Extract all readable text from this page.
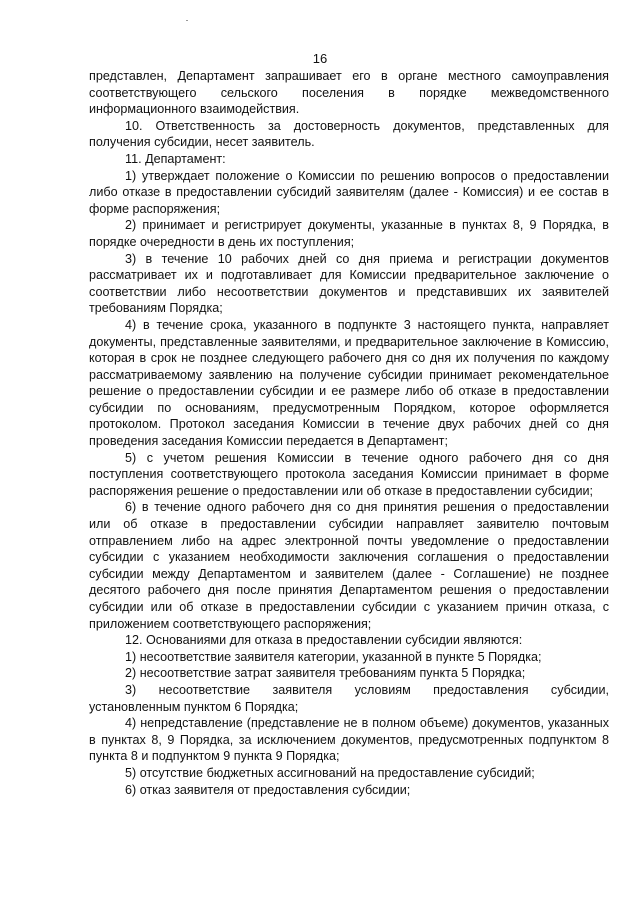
16

представлен, Департамент запрашивает его в органе местного самоуправления соответствующего сельского поселения в порядке межведомственного информационного взаимодействия.

10. Ответственность за достоверность документов, представленных для получения субсидии, несет заявитель.

11. Департамент:

1) утверждает положение о Комиссии по решению вопросов о предоставлении либо отказе в предоставлении субсидий заявителям (далее - Комиссия) и ее состав в форме распоряжения;

2) принимает и регистрирует документы, указанные в пунктах 8, 9 Порядка, в порядке очередности в день их поступления;

3) в течение 10 рабочих дней со дня приема и регистрации документов рассматривает их и подготавливает для Комиссии предварительное заключение о соответствии либо несоответствии документов и представивших их заявителей требованиям Порядка;

4) в течение срока, указанного в подпункте 3 настоящего пункта, направляет документы, представленные заявителями, и предварительное заключение в Комиссию, которая в срок не позднее следующего рабочего дня со дня их получения по каждому рассматриваемому заявлению на получение субсидии принимает рекомендательное решение о предоставлении субсидии и ее размере либо об отказе в предоставлении субсидии по основаниям, предусмотренным Порядком, которое оформляется протоколом. Протокол заседания Комиссии в течение двух рабочих дней со дня проведения заседания Комиссии передается в Департамент;

5) с учетом решения Комиссии в течение одного рабочего дня со дня поступления соответствующего протокола заседания Комиссии принимает в форме распоряжения решение о предоставлении или об отказе в предоставлении субсидии;

6) в течение одного рабочего дня со дня принятия решения о предоставлении или об отказе в предоставлении субсидии направляет заявителю почтовым отправлением либо на адрес электронной почты уведомление о предоставлении субсидии с указанием необходимости заключения соглашения о предоставлении субсидии между Департаментом и заявителем (далее - Соглашение) не позднее десятого рабочего дня после принятия Департаментом решения о предоставлении субсидии или об отказе в предоставлении субсидии с указанием причин отказа, с приложением соответствующего распоряжения;

12. Основаниями для отказа в предоставлении субсидии являются:

1) несоответствие заявителя категории, указанной в пункте 5 Порядка;

2) несоответствие затрат заявителя требованиям пункта 5 Порядка;

3) несоответствие заявителя условиям предоставления субсидии, установленным пунктом 6 Порядка;

4) непредставление (представление не в полном объеме) документов, указанных в пунктах 8, 9 Порядка, за исключением документов, предусмотренных подпунктом 8 пункта 8 и подпунктом 9 пункта 9 Порядка;

5) отсутствие бюджетных ассигнований на предоставление субсидий;

6) отказ заявителя от предоставления субсидии;
